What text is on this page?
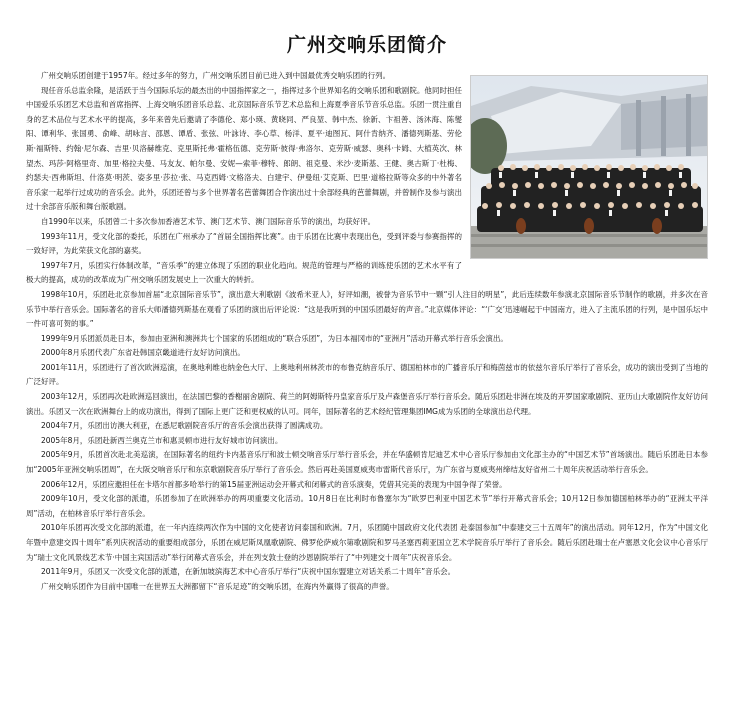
广州交响乐团简介

广州交响乐团创建于1957年。经过多年的努力，广州交响乐团目前已进入到中国最优秀交响乐团的行列。

现任音乐总监余隆，是活跃于当今国际乐坛的最杰出的中国指挥家之一，指挥过多个世界知名的交响乐团和歌剧院。他同时担任中国爱乐乐团艺术总监和首席指挥、上海交响乐团音乐总监、北京国际音乐节艺术总监和上海夏季音乐节音乐总监。乐团一贯注重自身的艺术品位与艺术水平的提高，多年来曾先后邀请了李德伦、郑小瑛、黄晓同、严良堃、韩中杰、徐新、卞祖善、汤沐海、陈燮阳、谭利华、张国勇、俞峰、胡咏言、邵恩、谭盾、张弦、叶詠诗、李心草、杨洋、夏平·迪图瓦、阿什肯纳齐、潘德列斯基、劳伦斯·福斯特、约翰·尼尔森、吉里·贝洛赫维克、克里斯托弗·霍格伍德、克劳斯·彼得·弗洛尔、克劳斯·威瑟、奥科·卡姆、大植英次、林望杰、玛莎·阿格里奇、加里·格拉夫曼、马友友、帕尔曼、安妮—索菲·穆特、郎朗、祖克曼、米沙·麦斯基、王健、奥古斯丁·杜梅、约瑟夫·西弗斯坦、什洛莫·明茨、姿多里·莎拉·张、马克西姆·文格洛夫、白建宇、伊曼纽·艾克斯、巴里·道格拉斯等众多的中外著名音乐家一起举行过成功的音乐会。此外，乐团还曾与多个世界著名芭蕾舞团合作演出过十余部经典的芭蕾舞剧，并曾制作及参与演出过十余部音乐版和舞台版歌剧。

自1990年以来，乐团曾二十多次参加香港艺术节、澳门艺术节、澳门国际音乐节的演出，均获好评。

1993年11月，受文化部的委托，乐团在广州承办了“首届全国指挥比赛”。由于乐团在比赛中表现出色，受到评委与参赛指挥的一致好评，为此荣获文化部的嘉奖。

1997年7月，乐团实行体制改革，“音乐季”的建立体现了乐团的职业化趋向。规范的管理与严格的训练使乐团的艺术水平有了极大的提高，成功的改革成为广州交响乐团发展史上一次重大的转折。

1998年10月，乐团赴北京参加首届“北京国际音乐节”，演出意大利歌剧《波希米亚人》，好评如潮，被誉为音乐节中一颗“引人注目的明星”，此后连续数年参演北京国际音乐节制作的歌剧，并多次在音乐节中举行音乐会。国际著名的音乐大师潘德列斯基在观看了乐团的演出后评论说：“这是我听到的中国乐团最好的声音。”北京媒体评论：“‘广交’迅速崛起于中国南方，进入了主流乐团的行列，是中国乐坛中一件可喜可贺的事。”

1999年9月乐团派员赴日本，参加由亚洲和澳洲共七个国家的乐团组成的“联合乐团”，为日本福冈市的“亚洲月”活动开幕式举行音乐会演出。

2000年8月乐团代表广东省赴韩国京畿道进行友好访问演出。

2001年11月，乐团进行了首次欧洲巡演，在奥地利维也纳金色大厅、上奥地利州林茨市的布鲁克纳音乐厅、德国柏林市的广播音乐厅和梅茵兹市的依兹尔音乐厅举行了音乐会，成功的演出受到了当地的广泛好评。

2003年12月，乐团再次赴欧洲巡回演出，在法国巴黎的香榭丽舍剧院、荷兰的阿姆斯特丹皇家音乐厅及卢森堡音乐厅举行音乐会。随后乐团赴非洲在埃及的开罗国家歌剧院、亚历山大歌剧院作友好访问演出。乐团又一次在欧洲舞台上的成功演出，得到了国际上更广泛和更权威的认可。同年，国际著名的艺术经纪管理集团IMG成为乐团的全球演出总代理。

2004年7月，乐团出访澳大利亚，在悉尼歌剧院音乐厅的音乐会演出获得了圆满成功。

2005年8月，乐团赴新西兰奥克兰市和惠灵顿市进行友好城市访问演出。

2005年9月，乐团首次赴北美巡演，在国际著名的纽约卡内基音乐厅和波士顿交响音乐厅举行音乐会，并在华盛顿肯尼迪艺术中心音乐厅参加由文化部主办的“中国艺术节”首场演出。随后乐团赴日本参加“2005年亚洲交响乐团周”，在大阪交响音乐厅和东京歌剧院音乐厅举行了音乐会。然后再赴美国夏威夷市雷斯代音乐厅，为广东省与夏威夷州缔结友好省州二十周年庆祝活动举行音乐会。

2006年12月，乐团应邀担任在卡塔尔首都多哈举行的第15届亚洲运动会开幕式和闭幕式的音乐演奏，凭借其完美的表现为中国争得了荣誉。

2009年10月，受文化部的派遣，乐团参加了在欧洲举办的两项重要文化活动。10月8日在比利时布鲁塞尔为“欧罗巴利亚中国艺术节”举行开幕式音乐会；10月12日参加德国柏林举办的“亚洲太平洋周”活动，在柏林音乐厅举行音乐会。

2010年乐团再次受文化部的派遣，在一年内连续两次作为中国的文化使者访问泰国和欧洲。7月，乐团随中国政府文化代表团 赴泰国参加“中泰建交三十五周年”的演出活动。同年12月，作为“中国文化年暨中意建交四十周年”系列庆祝活动的重要组成部分，乐团在威尼斯凤凰歌剧院、佛罗伦萨威尔第歌剧院和罗马圣塞西莉亚国立艺术学院音乐厅举行了音乐会。随后乐团赴瑞士在卢塞恩文化会议中心音乐厅为“瑞士文化风景线艺术节·中国主宾国活动”举行闭幕式音乐会，并在列支敦士登的沙恩剧院举行了“中列建交十周年”庆祝音乐会。

2011年9月，乐团又一次受文化部的派遣，在新加坡滨海艺术中心音乐厅举行“庆祝中国东盟建立对话关系二十周年”音乐会。

广州交响乐团作为目前中国唯一在世界五大洲都留下“音乐足迹”的交响乐团，在海内外赢得了很高的声誉。
